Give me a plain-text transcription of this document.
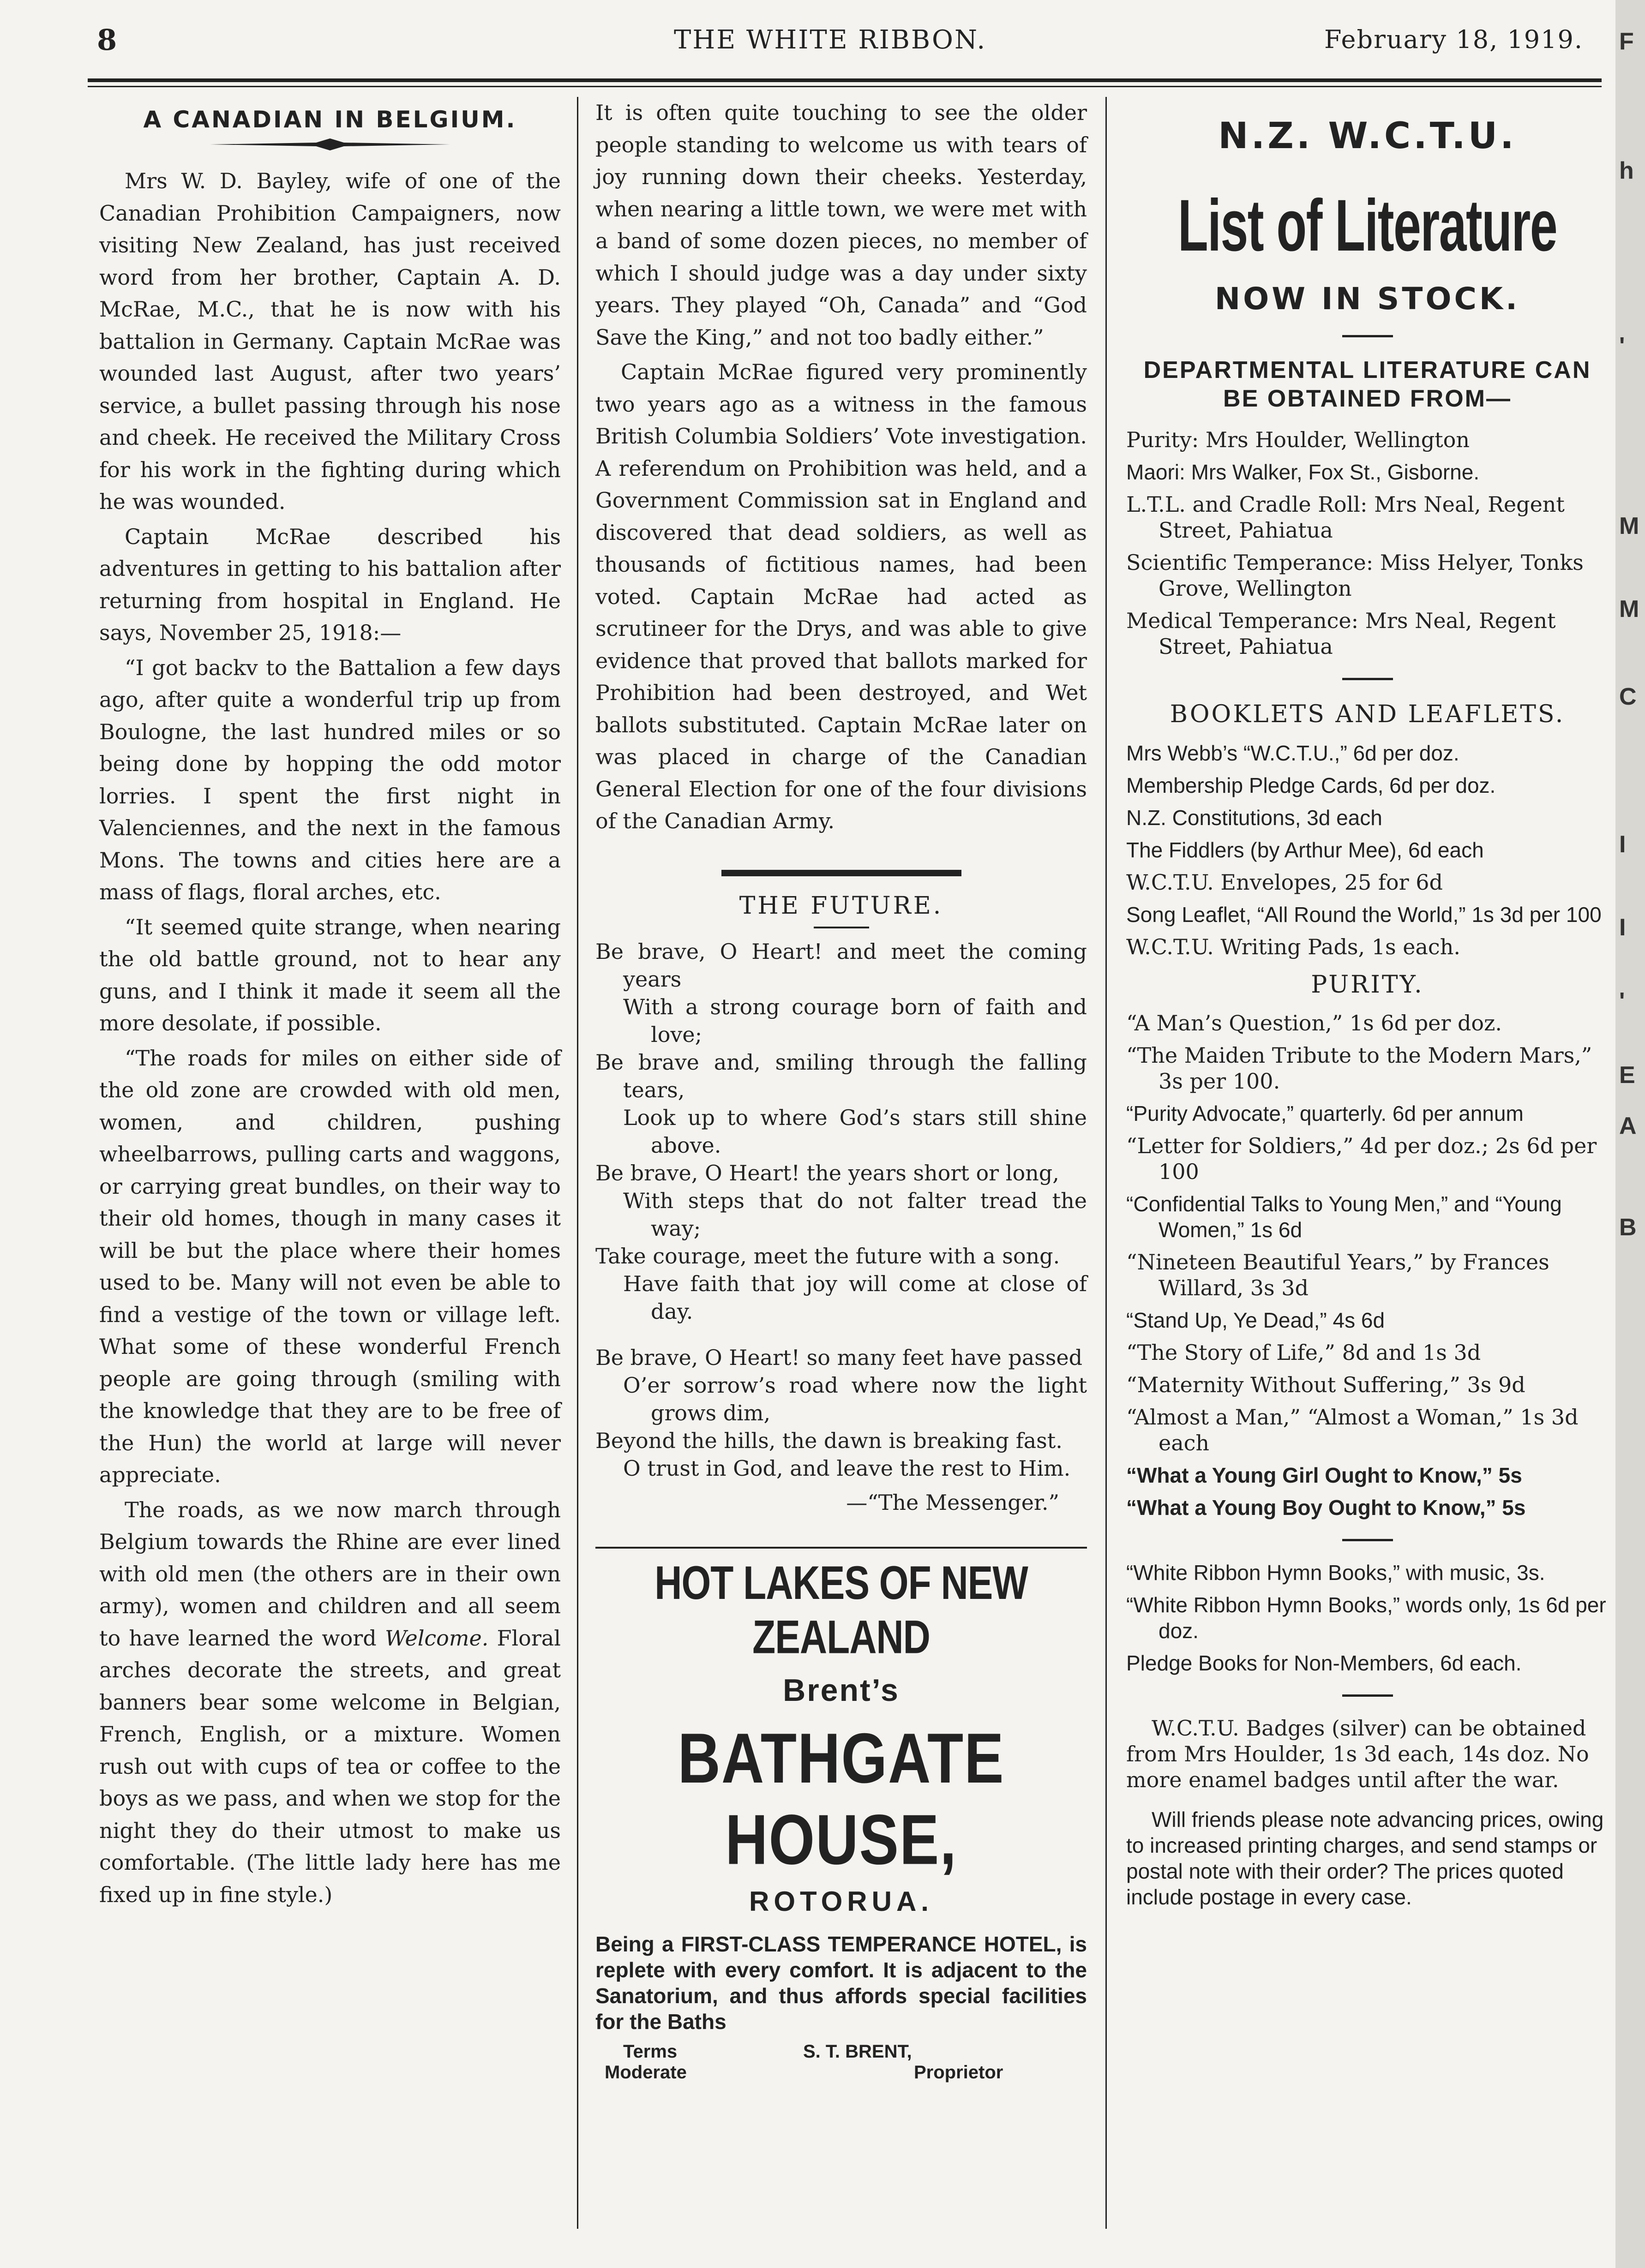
8	THE WHITE RIBBON.	February 18, 1919.
A CANADIAN IN BELGIUM.

Mrs W. D. Bayley, wife of one of the Canadian Prohibition Campaigners, now visiting New Zealand, has just received word from her brother, Captain A. D. McRae, M.C., that he is now with his battalion in Germany. Captain McRae was wounded last August, after two years’ service, a bullet passing through his nose and cheek. He received the Military Cross for his work in the fighting during which he was wounded.

Captain McRae described his adventures in getting to his battalion after returning from hospital in England. He says, November 25, 1918:—

“I got backv to the Battalion a few days ago, after quite a wonderful trip up from Boulogne, the last hundred miles or so being done by hopping the odd motor lorries. I spent the first night in Valenciennes, and the next in the famous Mons. The towns and cities here are a mass of flags, floral arches, etc.

“It seemed quite strange, when nearing the old battle ground, not to hear any guns, and I think it made it seem all the more desolate, if possible.

“The roads for miles on either side of the old zone are crowded with old men, women, and children, pushing wheelbarrows, pulling carts and waggons, or carrying great bundles, on their way to their old homes, though in many cases it will be but the place where their homes used to be. Many will not even be able to find a vestige of the town or village left. What some of these wonderful French people are going through (smiling with the knowledge that they are to be free of the Hun) the world at large will never appreciate.

The roads, as we now march through Belgium towards the Rhine are ever lined with old men (the others are in their own army), women and children and all seem to have learned the word Welcome. Floral arches decorate the streets, and great banners bear some welcome in Belgian, French, English, or a mixture. Women rush out with cups of tea or coffee to the boys as we pass, and when we stop for the night they do their utmost to make us comfortable. (The little lady here has me fixed up in fine style.)

It is often quite touching to see the older people standing to welcome us with tears of joy running down their cheeks. Yesterday, when nearing a little town, we were met with a band of some dozen pieces, no member of which I should judge was a day under sixty years. They played “Oh, Canada” and “God Save the King,” and not too badly either.”

Captain McRae figured very prominently two years ago as a witness in the famous British Columbia Soldiers’ Vote investigation. A referendum on Prohibition was held, and a Government Commission sat in England and discovered that dead soldiers, as well as thousands of fictitious names, had been voted. Captain McRae had acted as scrutineer for the Drys, and was able to give evidence that proved that ballots marked for Prohibition had been destroyed, and Wet ballots substituted. Captain McRae later on was placed in charge of the Canadian General Election for one of the four divisions of the Canadian Army.

THE FUTURE.
Be brave, O Heart! and meet the coming years
With a strong courage born of faith and love;
Be brave and, smiling through the falling tears,
Look up to where God’s stars still shine above.
Be brave, O Heart! the years short or long,
With steps that do not falter tread the way;
Take courage, meet the future with a song.
Have faith that joy will come at close of day.
Be brave, O Heart! so many feet have passed
O’er sorrow’s road where now the light grows dim,
Beyond the hills, the dawn is breaking fast.
O trust in God, and leave the rest to Him.
—“The Messenger.”
HOT LAKES OF NEW ZEALAND
Brent’s
BATHGATE HOUSE,
ROTORUA.
Being a FIRST-CLASS TEMPERANCE HOTEL, is replete with every comfort. It is adjacent to the Sanatorium, and thus affords special facilities for the Baths
Terms
Moderate
S. T. BRENT,
Proprietor
N.Z. W.C.T.U.
List of Literature
NOW IN STOCK.
DEPARTMENTAL LITERATURE CAN BE OBTAINED FROM—
Purity: Mrs Houlder, Wellington
Maori: Mrs Walker, Fox St., Gisborne.
L.T.L. and Cradle Roll: Mrs Neal, Regent Street, Pahiatua
Scientific Temperance: Miss Helyer, Tonks Grove, Wellington
Medical Temperance: Mrs Neal, Regent Street, Pahiatua
BOOKLETS AND LEAFLETS.
Mrs Webb’s “W.C.T.U.,” 6d per doz.
Membership Pledge Cards, 6d per doz.
N.Z. Constitutions, 3d each
The Fiddlers (by Arthur Mee), 6d each
W.C.T.U. Envelopes, 25 for 6d
Song Leaflet, “All Round the World,” 1s 3d per 100
W.C.T.U. Writing Pads, 1s each.
PURITY.
“A Man’s Question,” 1s 6d per doz.
“The Maiden Tribute to the Modern Mars,” 3s per 100.
“Purity Advocate,” quarterly. 6d per annum
“Letter for Soldiers,” 4d per doz.; 2s 6d per 100
“Confidential Talks to Young Men,” and “Young Women,” 1s 6d
“Nineteen Beautiful Years,” by Frances Willard, 3s 3d
“Stand Up, Ye Dead,” 4s 6d
“The Story of Life,” 8d and 1s 3d
“Maternity Without Suffering,” 3s 9d
“Almost a Man,” “Almost a Woman,” 1s 3d each
“What a Young Girl Ought to Know,” 5s
“What a Young Boy Ought to Know,” 5s
“White Ribbon Hymn Books,” with music, 3s.
“White Ribbon Hymn Books,” words only, 1s 6d per doz.
Pledge Books for Non-Members, 6d each.

W.C.T.U. Badges (silver) can be obtained from Mrs Houlder, 1s 3d each, 14s doz. No more enamel badges until after the war.

Will friends please note advancing prices, owing to increased printing charges, and send stamps or postal note with their order? The prices quoted include postage in every case.

F
h
'
M
M
C
I
I
'
E
A
B
